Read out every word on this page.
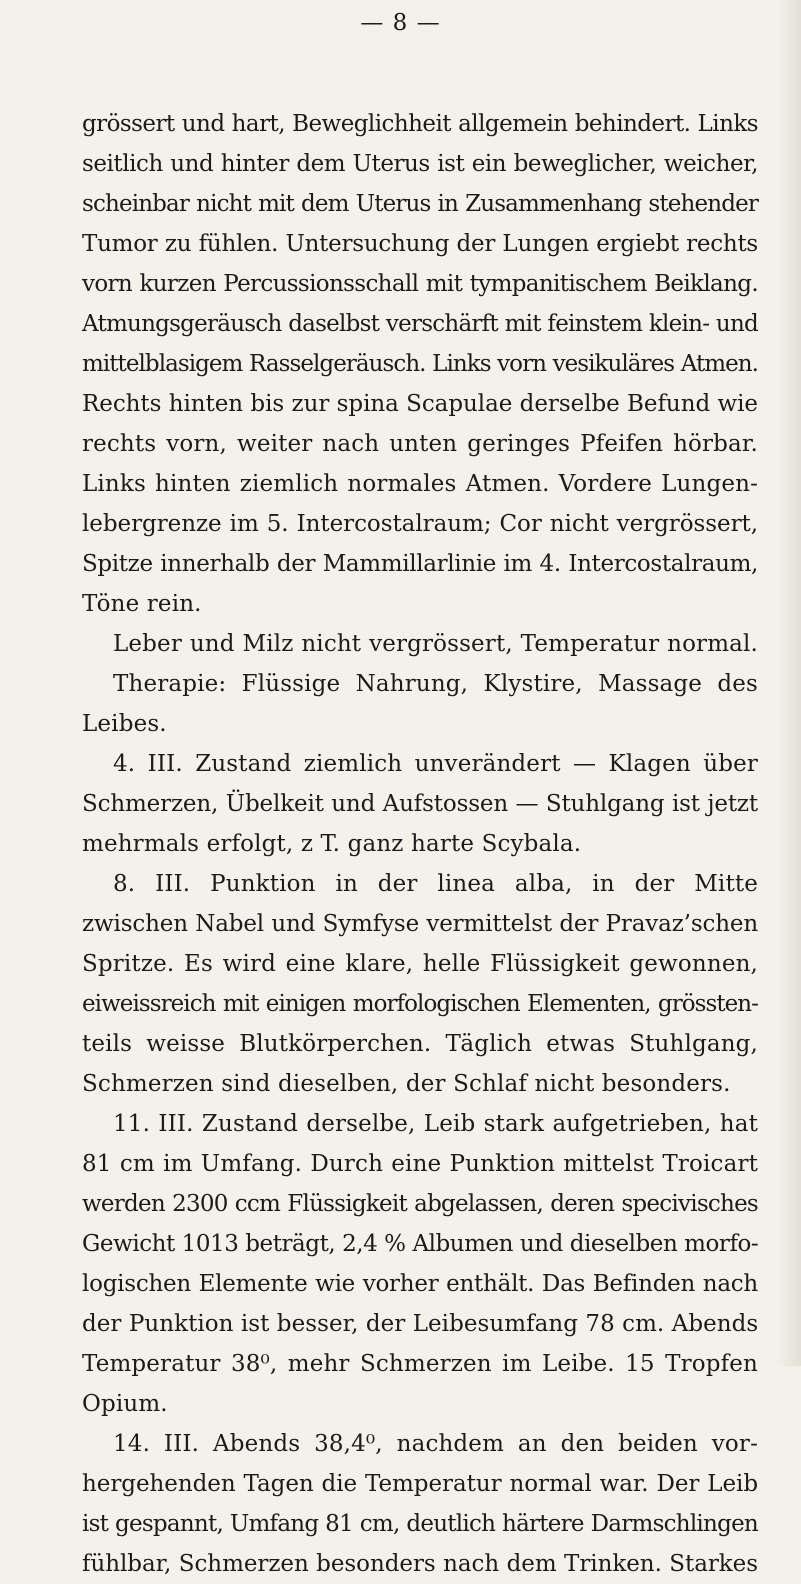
— 8 —
grössert und hart, Beweglichheit allgemein behindert. Links
seitlich und hinter dem Uterus ist ein beweglicher, weicher,
scheinbar nicht mit dem Uterus in Zusammenhang stehender
Tumor zu fühlen. Untersuchung der Lungen ergiebt rechts
vorn kurzen Percussionsschall mit tympanitischem Beiklang.
Atmungsgeräusch daselbst verschärft mit feinstem klein- und
mittelblasigem Rasselgeräusch. Links vorn vesikuläres Atmen.
Rechts hinten bis zur spina Scapulae derselbe Befund wie
rechts vorn, weiter nach unten geringes Pfeifen hörbar.
Links hinten ziemlich normales Atmen. Vordere Lungen-
lebergrenze im 5. Intercostalraum; Cor nicht vergrössert,
Spitze innerhalb der Mammillarlinie im 4. Intercostalraum,
Töne rein.
Leber und Milz nicht vergrössert, Temperatur normal.
Therapie: Flüssige Nahrung, Klystire, Massage des
Leibes.
4. III. Zustand ziemlich unverändert — Klagen über
Schmerzen, Übelkeit und Aufstossen — Stuhlgang ist jetzt
mehrmals erfolgt, z T. ganz harte Scybala.
8. III. Punktion in der linea alba, in der Mitte
zwischen Nabel und Symfyse vermittelst der Pravaz’schen
Spritze. Es wird eine klare, helle Flüssigkeit gewonnen,
eiweissreich mit einigen morfologischen Elementen, grössten-
teils weisse Blutkörperchen. Täglich etwas Stuhlgang,
Schmerzen sind dieselben, der Schlaf nicht besonders.
11. III. Zustand derselbe, Leib stark aufgetrieben, hat
81 cm im Umfang. Durch eine Punktion mittelst Troicart
werden 2300 ccm Flüssigkeit abgelassen, deren specivisches
Gewicht 1013 beträgt, 2,4 % Albumen und dieselben morfo-
logischen Elemente wie vorher enthält. Das Befinden nach
der Punktion ist besser, der Leibesumfang 78 cm. Abends
Temperatur 38⁰, mehr Schmerzen im Leibe. 15 Tropfen
Opium.
14. III. Abends 38,4⁰, nachdem an den beiden vor-
hergehenden Tagen die Temperatur normal war. Der Leib
ist gespannt, Umfang 81 cm, deutlich härtere Darmschlingen
fühlbar, Schmerzen besonders nach dem Trinken. Starkes
